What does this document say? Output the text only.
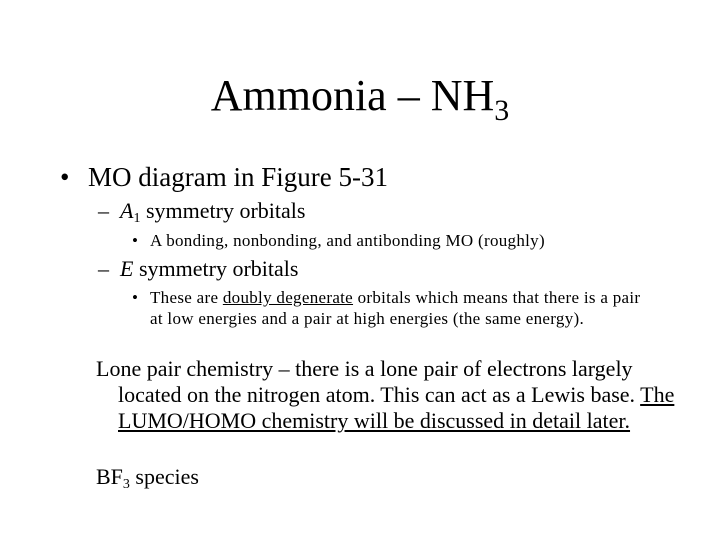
Ammonia – $NH_3$
• MO diagram in Figure 5-31
– $A_1$ symmetry orbitals
• A bonding, nonbonding, and antibonding MO (roughly)
– E symmetry orbitals
• These are doubly degenerate orbitals which means that there is a pair at low energies and a pair at high energies (the same energy).
Lone pair chemistry – there is a lone pair of electrons largely located on the nitrogen atom. This can act as a Lewis base. The LUMO/HOMO chemistry will be discussed in detail later.
$BF_3$ species
